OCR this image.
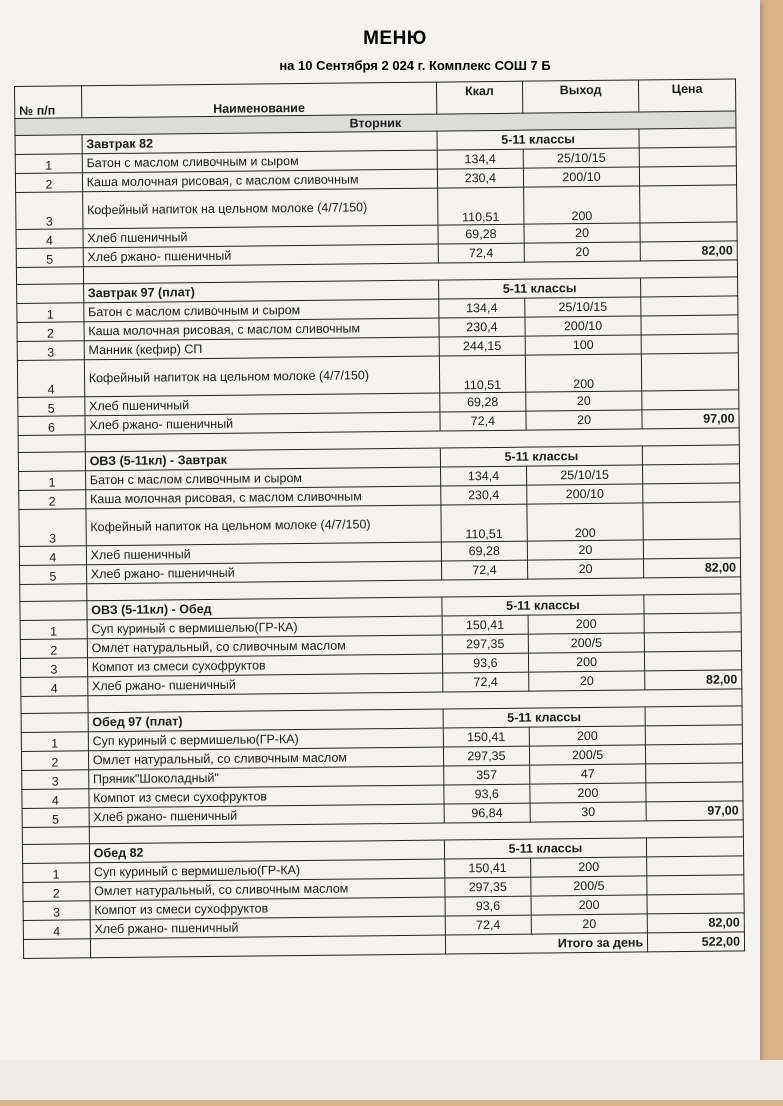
МЕНЮ
на 10 Сентября 2 024 г. Комплекс СОШ 7 Б
№ п/п	Наименование	Ккал	Выход	Цена
Вторник				
	Завтрак 82	5-11 классы		
1	Батон с маслом сливочным и сыром	134,4	25/10/15	
2	Каша молочная рисовая, с маслом сливочным	230,4	200/10	
3	Кофейный напиток на цельном молоке (4/7/150)	110,51	200	
4	Хлеб пшеничный	69,28	20	
5	Хлеб ржано- пшеничный	72,4	20	82,00

	Завтрак 97 (плат)	5-11 классы		
1	Батон с маслом сливочным и сыром	134,4	25/10/15	
2	Каша молочная рисовая, с маслом сливочным	230,4	200/10	
3	Манник (кефир) СП	244,15	100	
4	Кофейный напиток на цельном молоке (4/7/150)	110,51	200	
5	Хлеб пшеничный	69,28	20	
6	Хлеб ржано- пшеничный	72,4	20	97,00

	ОВЗ (5-11кл) - Завтрак	5-11 классы		
1	Батон с маслом сливочным и сыром	134,4	25/10/15	
2	Каша молочная рисовая, с маслом сливочным	230,4	200/10	
3	Кофейный напиток на цельном молоке (4/7/150)	110,51	200	
4	Хлеб пшеничный	69,28	20	
5	Хлеб ржано- пшеничный	72,4	20	82,00

	ОВЗ (5-11кл) - Обед	5-11 классы		
1	Суп куриный с вермишелью(ГР-КА)	150,41	200	
2	Омлет натуральный, со сливочным маслом	297,35	200/5	
3	Компот из смеси сухофруктов	93,6	200	
4	Хлеб ржано- пшеничный	72,4	20	82,00

	Обед 97 (плат)	5-11 классы		
1	Суп куриный с вермишелью(ГР-КА)	150,41	200	
2	Омлет натуральный, со сливочным маслом	297,35	200/5	
3	Пряник"Шоколадный"	357	47	
4	Компот из смеси сухофруктов	93,6	200	
5	Хлеб ржано- пшеничный	96,84	30	97,00

	Обед 82	5-11 классы		
1	Суп куриный с вермишелью(ГР-КА)	150,41	200	
2	Омлет натуральный, со сливочным маслом	297,35	200/5	
3	Компот из смеси сухофруктов	93,6	200	
4	Хлеб ржано- пшеничный	72,4	20	82,00
		Итого за день		522,00
